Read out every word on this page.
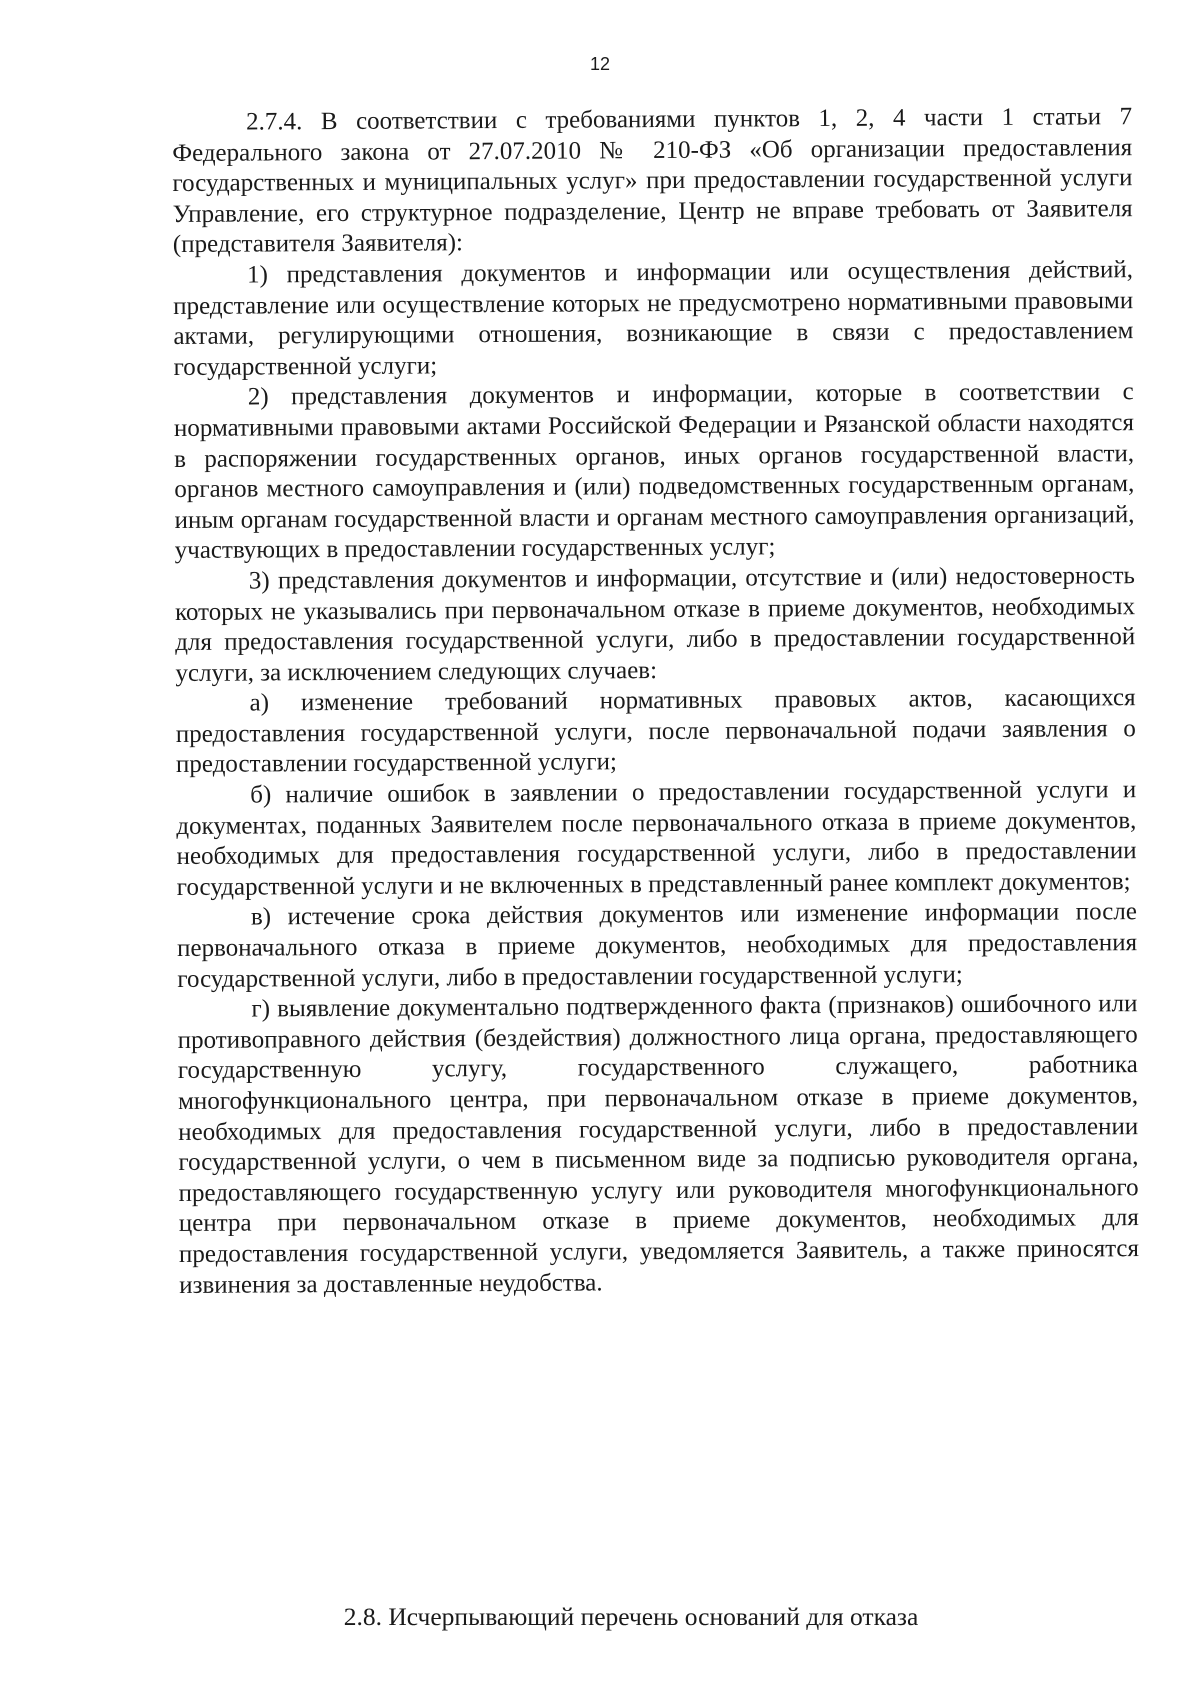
12

2.7.4. В соответствии с требованиями пунктов 1, 2, 4 части 1 статьи 7 Федерального закона от 27.07.2010 № 210-ФЗ «Об организации предоставления государственных и муниципальных услуг» при предоставлении государственной услуги Управление, его структурное подразделение, Центр не вправе требовать от Заявителя (представителя Заявителя):

1) представления документов и информации или осуществления действий, представление или осуществление которых не предусмотрено нормативными правовыми актами, регулирующими отношения, возникающие в связи с предоставлением государственной услуги;

2) представления документов и информации, которые в соответствии с нормативными правовыми актами Российской Федерации и Рязанской области находятся в распоряжении государственных органов, иных органов государственной власти, органов местного самоуправления и (или) подведомственных государственным органам, иным органам государственной власти и органам местного самоуправления организаций, участвующих в предоставлении государственных услуг;

3) представления документов и информации, отсутствие и (или) недостоверность которых не указывались при первоначальном отказе в приеме документов, необходимых для предоставления государственной услуги, либо в предоставлении государственной услуги, за исключением следующих случаев:

а) изменение требований нормативных правовых актов, касающихся предоставления государственной услуги, после первоначальной подачи заявления о предоставлении государственной услуги;

б) наличие ошибок в заявлении о предоставлении государственной услуги и документах, поданных Заявителем после первоначального отказа в приеме документов, необходимых для предоставления государственной услуги, либо в предоставлении государственной услуги и не включенных в представленный ранее комплект документов;

в) истечение срока действия документов или изменение информации после первоначального отказа в приеме документов, необходимых для предоставления государственной услуги, либо в предоставлении государственной услуги;

г) выявление документально подтвержденного факта (признаков) ошибочного или противоправного действия (бездействия) должностного лица органа, предоставляющего государственную услугу, государственного служащего, работника многофункционального центра, при первоначальном отказе в приеме документов, необходимых для предоставления государственной услуги, либо в предоставлении государственной услуги, о чем в письменном виде за подписью руководителя органа, предоставляющего государственную услугу или руководителя многофункционального центра при первоначальном отказе в приеме документов, необходимых для предоставления государственной услуги, уведомляется Заявитель, а также приносятся извинения за доставленные неудобства.

2.8. Исчерпывающий перечень оснований для отказа
